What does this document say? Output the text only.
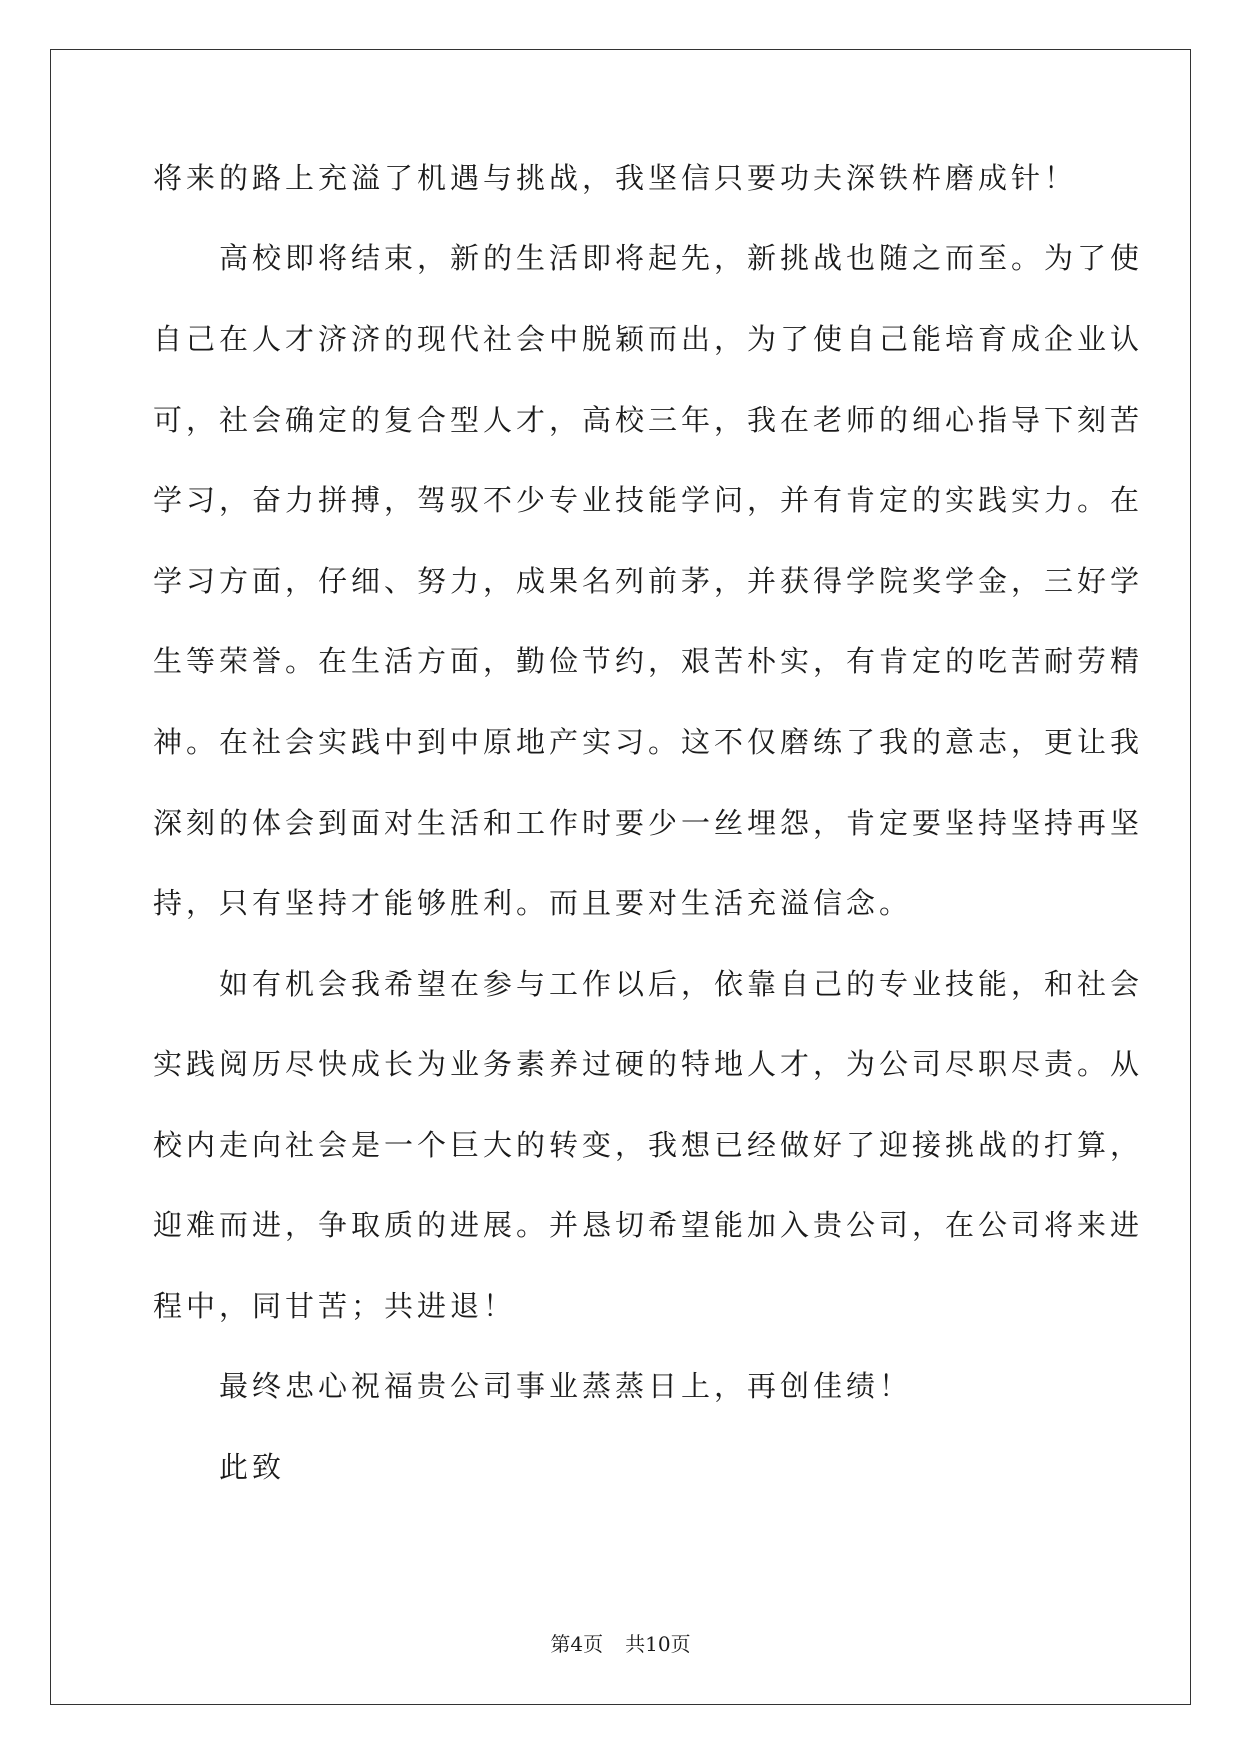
将来的路上充溢了机遇与挑战，我坚信只要功夫深铁杵磨成针！
　　高校即将结束，新的生活即将起先，新挑战也随之而至。为了使
自己在人才济济的现代社会中脱颖而出，为了使自己能培育成企业认
可，社会确定的复合型人才，高校三年，我在老师的细心指导下刻苦
学习，奋力拼搏，驾驭不少专业技能学问，并有肯定的实践实力。在
学习方面，仔细、努力，成果名列前茅，并获得学院奖学金，三好学
生等荣誉。在生活方面，勤俭节约，艰苦朴实，有肯定的吃苦耐劳精
神。在社会实践中到中原地产实习。这不仅磨练了我的意志，更让我
深刻的体会到面对生活和工作时要少一丝埋怨，肯定要坚持坚持再坚
持，只有坚持才能够胜利。而且要对生活充溢信念。
　　如有机会我希望在参与工作以后，依靠自己的专业技能，和社会
实践阅历尽快成长为业务素养过硬的特地人才，为公司尽职尽责。从
校内走向社会是一个巨大的转变，我想已经做好了迎接挑战的打算，
迎难而进，争取质的进展。并恳切希望能加入贵公司，在公司将来进
程中，同甘苦；共进退！
　　最终忠心祝福贵公司事业蒸蒸日上，再创佳绩！
　　此致
第4页 共10页
